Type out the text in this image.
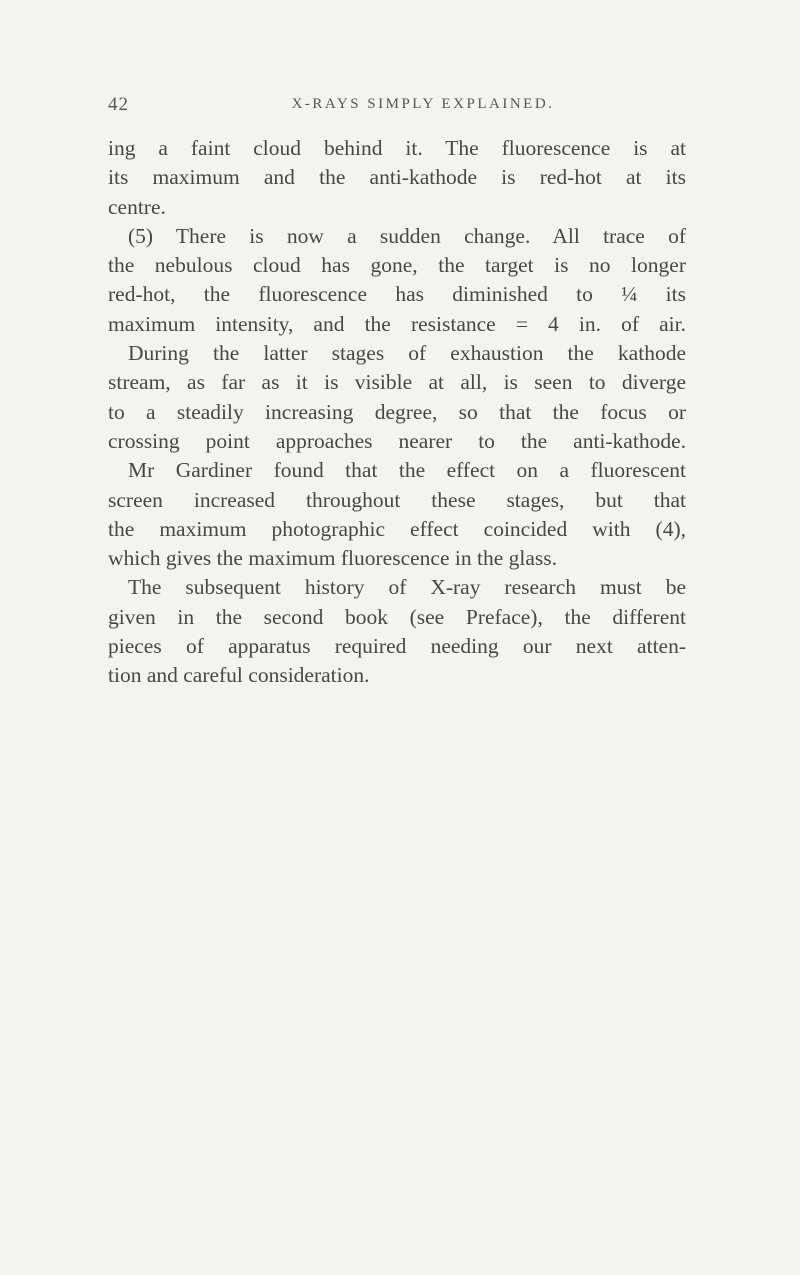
42	X-RAYS SIMPLY EXPLAINED.
ing a faint cloud behind it. The fluorescence is at
its maximum and the anti-kathode is red-hot at its
centre.
(5) There is now a sudden change. All trace of
the nebulous cloud has gone, the target is no longer
red-hot, the fluorescence has diminished to ¼ its
maximum intensity, and the resistance = 4 in. of air.
During the latter stages of exhaustion the kathode
stream, as far as it is visible at all, is seen to diverge
to a steadily increasing degree, so that the focus or
crossing point approaches nearer to the anti-kathode.
Mr Gardiner found that the effect on a fluorescent
screen increased throughout these stages, but that
the maximum photographic effect coincided with (4),
which gives the maximum fluorescence in the glass.
The subsequent history of X-ray research must be
given in the second book (see Preface), the different
pieces of apparatus required needing our next atten-
tion and careful consideration.
